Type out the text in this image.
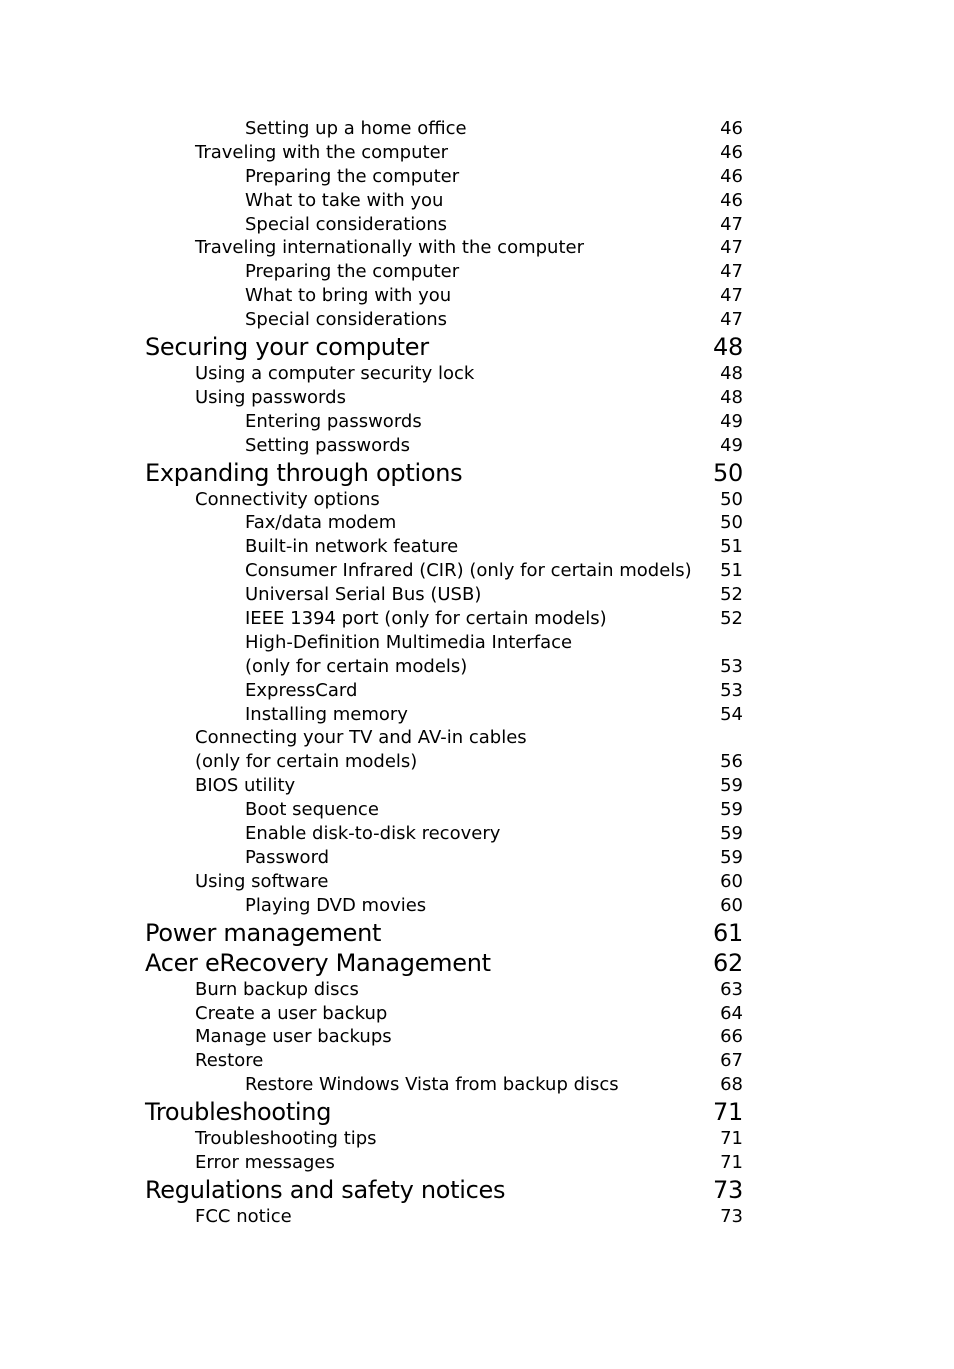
Setting up a home office	46
Traveling with the computer	46
Preparing the computer	46
What to take with you	46
Special considerations	47
Traveling internationally with the computer	47
Preparing the computer	47
What to bring with you	47
Special considerations	47
Securing your computer	48
Using a computer security lock	48
Using passwords	48
Entering passwords	49
Setting passwords	49
Expanding through options	50
Connectivity options	50
Fax/data modem	50
Built-in network feature	51
Consumer Infrared (CIR) (only for certain models) 51
Universal Serial Bus (USB)	52
IEEE 1394 port (only for certain models)	52
High-Definition Multimedia Interface
(only for certain models)	53
ExpressCard	53
Installing memory	54
Connecting your TV and AV-in cables
(only for certain models)	56
BIOS utility	59
Boot sequence	59
Enable disk-to-disk recovery	59
Password	59
Using software	60
Playing DVD movies	60
Power management	61
Acer eRecovery Management	62
Burn backup discs	63
Create a user backup	64
Manage user backups	66
Restore	67
Restore Windows Vista from backup discs	68
Troubleshooting	71
Troubleshooting tips	71
Error messages	71
Regulations and safety notices	73
FCC notice	73
